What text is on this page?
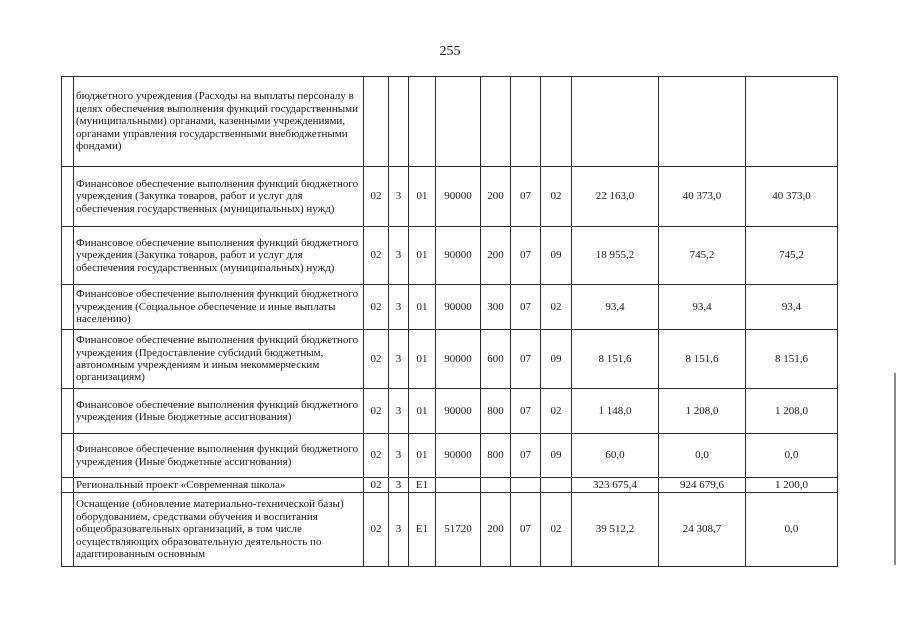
255
	бюджетного учреждения (Расходы на выплаты персоналу в целях обеспечения выполнения функций государственными (муниципальными) органами, казенными учреждениями, органами управления государственными внебюджетными фондами)										
	Финансовое обеспечение выполнения функций бюджетного учреждения (Закупка товаров, работ и услуг для обеспечения государственных (муниципальных) нужд)	02	3	01	90000	200	07	02	22 163,0	40 373,0	40 373,0
	Финансовое обеспечение выполнения функций бюджетного учреждения (Закупка товаров, работ и услуг для обеспечения государственных (муниципальных) нужд)	02	3	01	90000	200	07	09	18 955,2	745,2	745,2
	Финансовое обеспечение выполнения функций бюджетного учреждения (Социальное обеспечение и иные выплаты населению)	02	3	01	90000	300	07	02	93,4	93,4	93,4
	Финансовое обеспечение выполнения функций бюджетного учреждения (Предоставление субсидий бюджетным, автономным учреждениям и иным некоммерческим организациям)	02	3	01	90000	600	07	09	8 151,6	8 151,6	8 151,6
	Финансовое обеспечение выполнения функций бюджетного учреждения (Иные бюджетные ассигнования)	02	3	01	90000	800	07	02	1 148,0	1 208,0	1 208,0
	Финансовое обеспечение выполнения функций бюджетного учреждения (Иные бюджетные ассигнования)	02	3	01	90000	800	07	09	60,0	0,0	0,0
	Региональный проект «Современная школа»	02	3	E1					323 675,4	924 679,6	1 200,0
	Оснащение (обновление материально-технической базы) оборудованием, средствами обучения и воспитания общеобразовательных организаций, в том числе осуществляющих образовательную деятельность по адаптированным основным	02	3	E1	51720	200	07	02	39 512,2	24 308,7	0,0
